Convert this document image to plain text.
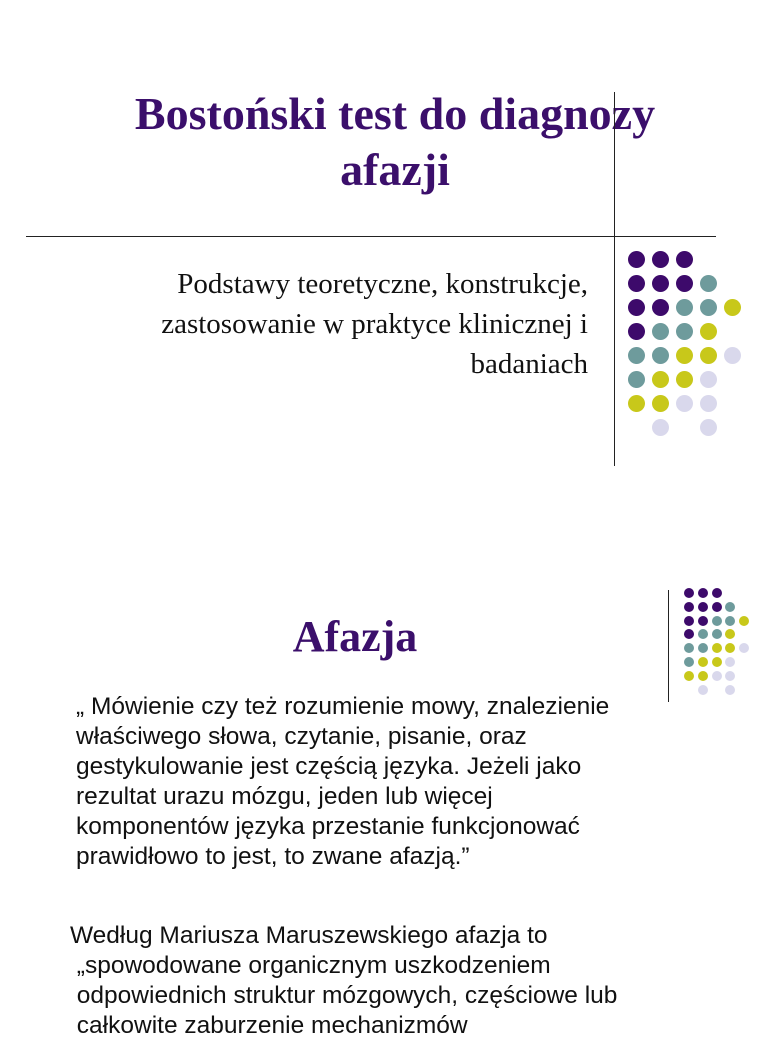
Bostoński test do diagnozy
afazji
Podstawy teoretyczne, konstrukcje,
zastosowanie w praktyce klinicznej i
badaniach
Afazja
„ Mówienie czy też rozumienie mowy, znalezienie
właściwego słowa, czytanie, pisanie, oraz
gestykulowanie jest częścią języka. Jeżeli jako
rezultat urazu mózgu, jeden lub więcej
komponentów języka przestanie funkcjonować
prawidłowo to jest, to zwane afazją.”
Według Mariusza Maruszewskiego afazja to
„spowodowane organicznym uszkodzeniem
odpowiednich struktur mózgowych, częściowe lub
całkowite zaburzenie mechanizmów
